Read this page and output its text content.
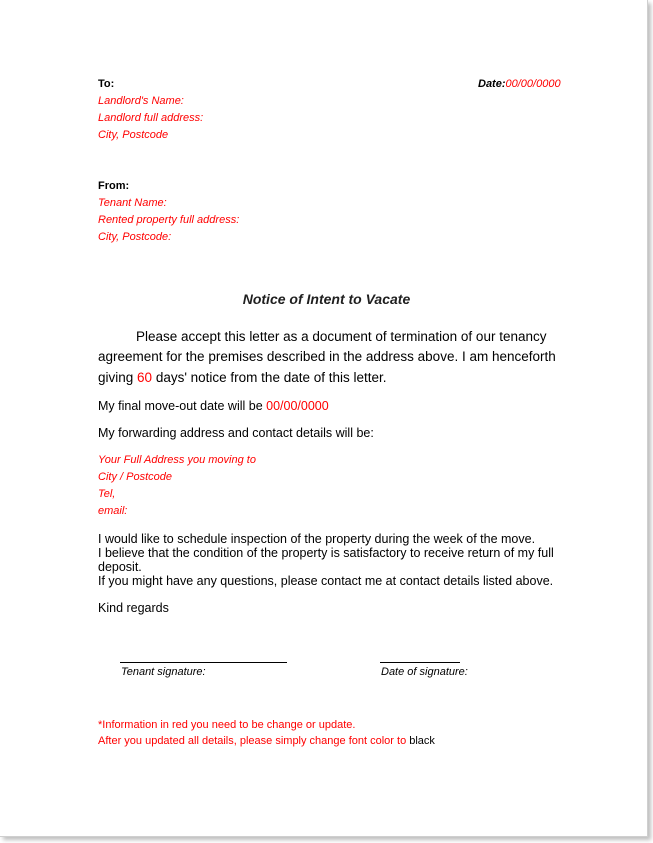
To:
Landlord's Name:
Landlord full address:
City, Postcode
Date:00/00/0000
From:
Tenant Name:
Rented property full address:
City, Postcode:
Notice of Intent to Vacate
Please accept this letter as a document of termination of our tenancy
agreement for the premises described in the address above. I am henceforth
giving 60 days' notice from the date of this letter.
My final move-out date will be 00/00/0000
My forwarding address and contact details will be:
Your Full Address you moving to
City / Postcode
Tel,
email:
I would like to schedule inspection of the property during the week of the move.
I believe that the condition of the property is satisfactory to receive return of my full
deposit.
If you might have any questions, please contact me at contact details listed above.
Kind regards
Tenant signature:	Date of signature:
*Information in red you need to be change or update.
After you updated all details, please simply change font color to black
